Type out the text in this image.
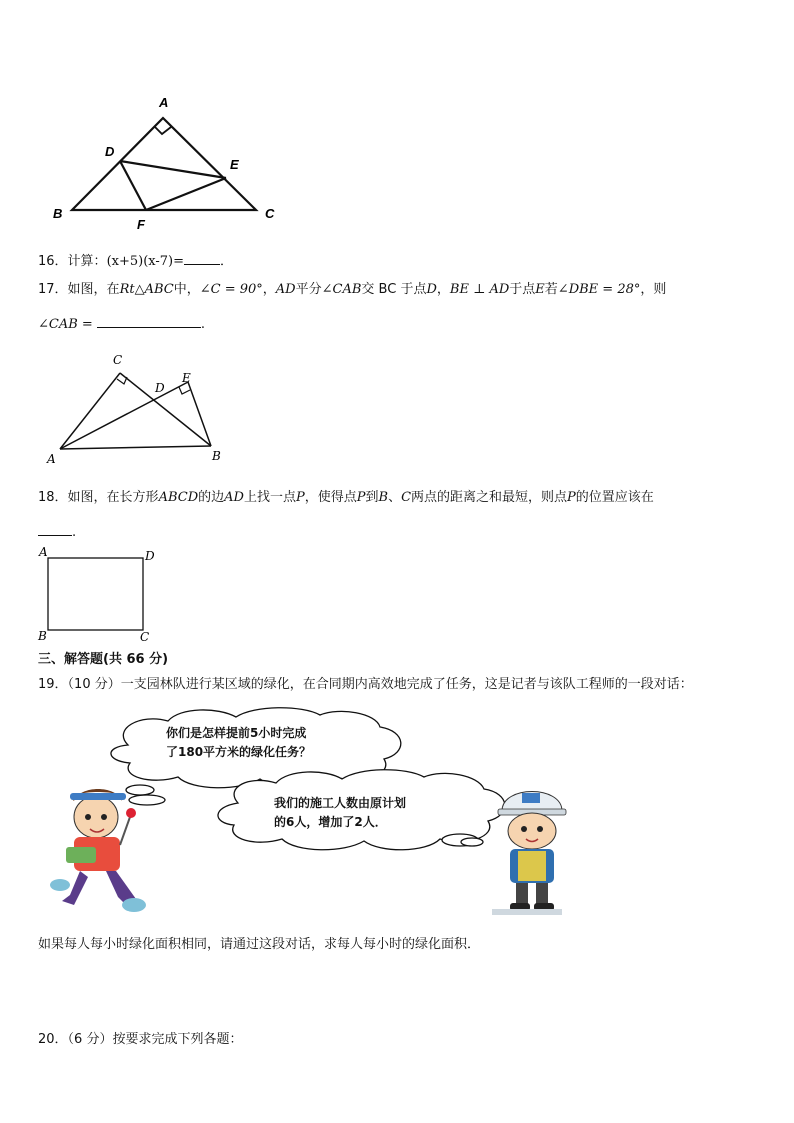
A
D
E
B	C
F
16．计算：(x+5)(x-7)=	．
17．如图，在Rt△ABC中，∠C = 90°，AD平分∠CAB交 BC 于点D，BE ⊥ AD于点E若∠DBE = 28°，则
∠CAB =	.
C
D
E
A	B
18．如图，在长方形ABCD的边AD上找一点P，使得点P到B、C两点的距离之和最短，则点P的位置应该在
.
A	D
B	C
三、解答题(共 66 分)
19．（10 分）一支园林队进行某区域的绿化，在合同期内高效地完成了任务，这是记者与该队工程师的一段对话：
你们是怎样提前5小时完成
了180平方米的绿化任务？
我们的施工人数由原计划
的6人，增加了2人．
如果每人每小时绿化面积相同，请通过这段对话，求每人每小时的绿化面积．
20．（6 分）按要求完成下列各题：
